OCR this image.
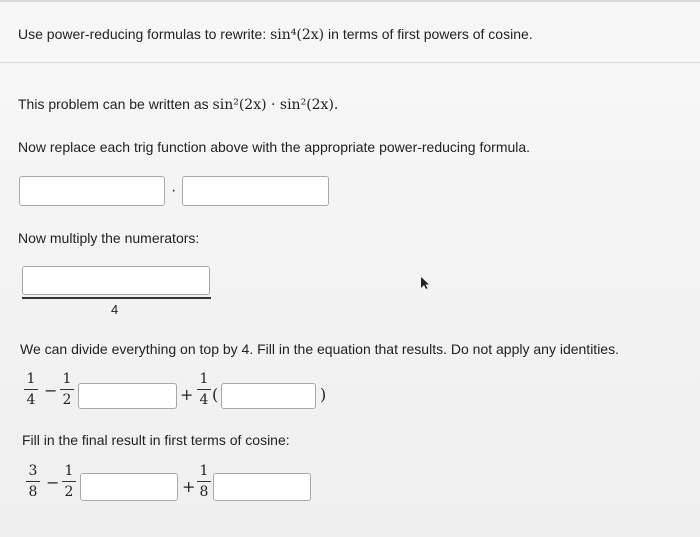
Use power-reducing formulas to rewrite: sin⁴(2x) in terms of first powers of cosine.
This problem can be written as sin²(2x) · sin²(2x).
Now replace each trig function above with the appropriate power-reducing formula.
·
Now multiply the numerators:
4
We can divide everything on top by 4. Fill in the equation that results. Do not apply any identities.
1
4 −
1
2	+
1
4 (	)
Fill in the final result in first terms of cosine:
3
8 −
1
2	+
1
8
